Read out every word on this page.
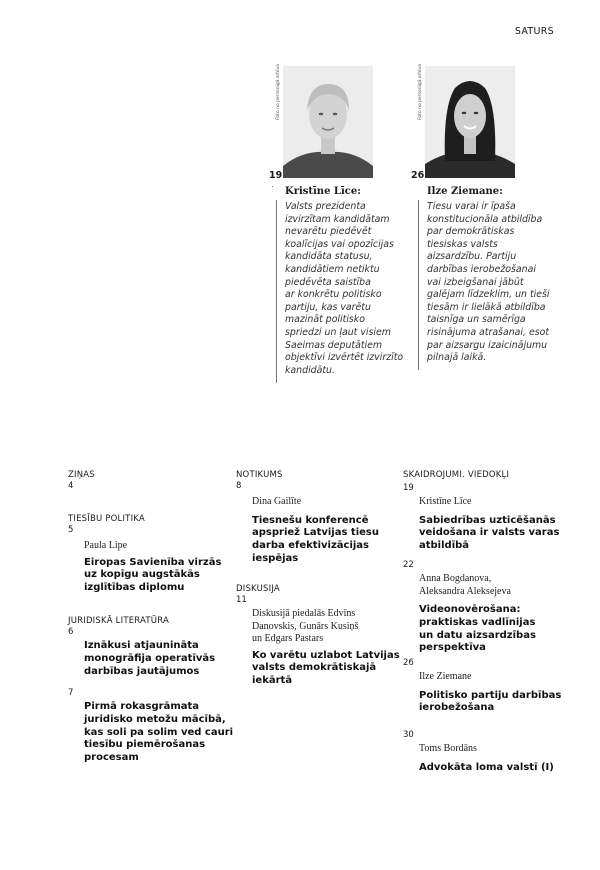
SATURS
Foto no personīgā arhīva
19
Kristīne Līce:
Valsts prezidenta
izvirzītam kandidātam
nevarētu piedēvēt
koalīcijas vai opozīcijas
kandidāta statusu,
kandidātiem netiktu
piedēvēta saistība
ar konkrētu politisko
partiju, kas varētu
mazināt politisko
spriedzi un ļaut visiem
Saeimas deputātiem
objektīvi izvērtēt izvirzīto
kandidātu.
Foto no personīgā arhīva
26
Ilze Ziemane:
Tiesu varai ir īpaša
konstitucionāla atbildība
par demokrātiskas
tiesiskas valsts
aizsardzību. Partiju
darbības ierobežošanai
vai izbeigšanai jābūt
galējam līdzeklim, un tieši
tiesām ir lielākā atbildība
taisnīga un samērīga
risinājuma atrašanai, esot
par aizsargu izaicinājumu
pilnajā laikā.
ZIŅAS
4
TIESĪBU POLITIKA
5
Paula Lipe
Eiropas Savienība virzās
uz kopīgu augstākās
izglītības diplomu
JURIDISKĀ LITERATŪRA
6
Iznākusi atjaunināta
monogrāfija operatīvās
darbības jautājumos
7
Pirmā rokasgrāmata
juridisko metožu mācībā,
kas soli pa solim ved cauri
tiesību piemērošanas
procesam
NOTIKUMS
8
Dina Gailīte
Tiesnešu konferencē
apspriež Latvijas tiesu
darba efektivizācijas
iespējas
DISKUSIJA
11
Diskusijā piedalās Edvīns
Danovskis, Gunārs Kusiņš
un Edgars Pastars
Ko varētu uzlabot Latvijas
valsts demokrātiskajā
iekārtā
SKAIDROJUMI. VIEDOKĻI
19
Kristīne Līce
Sabiedrības uzticēšanās
veidošana ir valsts varas
atbildībā
22
Anna Bogdanova,
Aleksandra Aleksejeva
Videonovērošana:
praktiskas vadlīnijas
un datu aizsardzības
perspektīva
26
Ilze Ziemane
Politisko partiju darbības
ierobežošana
30
Toms Bordāns
Advokāta loma valstī (I)
